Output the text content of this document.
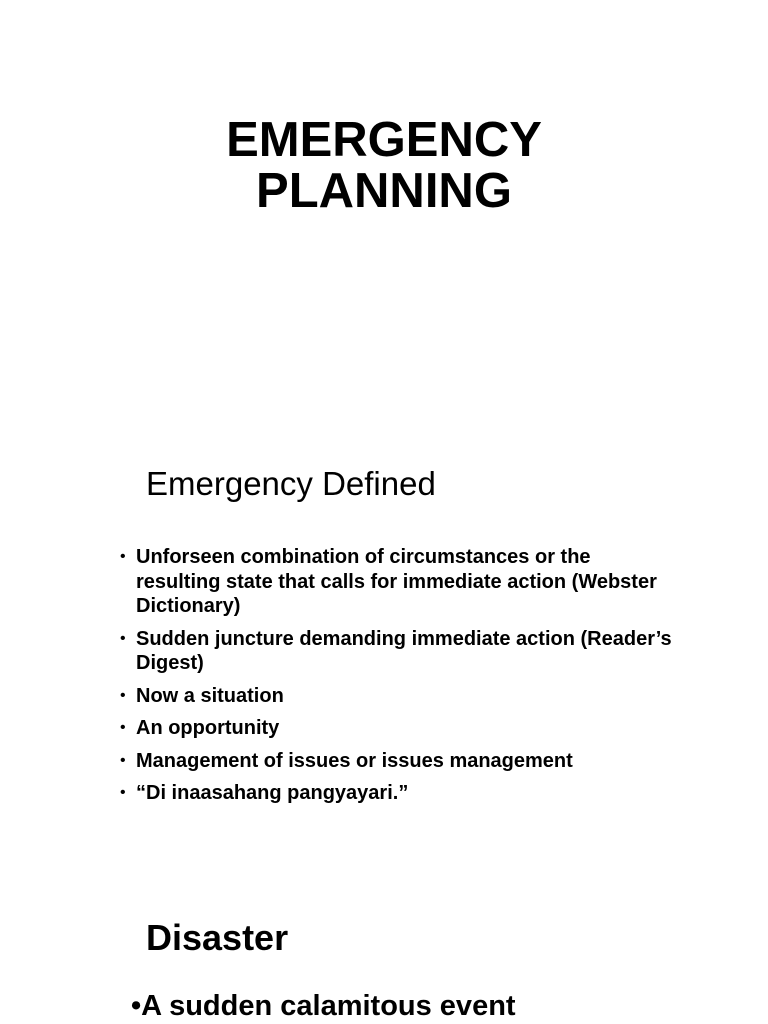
EMERGENCY
PLANNING
Emergency Defined
• Unforseen combination of circumstances or the resulting state that calls for immediate action (Webster Dictionary)
• Sudden juncture demanding immediate action (Reader’s Digest)
• Now a situation
• An opportunity
• Management of issues or issues management
• “Di inaasahang pangyayari.”
Disaster
•A sudden calamitous event
